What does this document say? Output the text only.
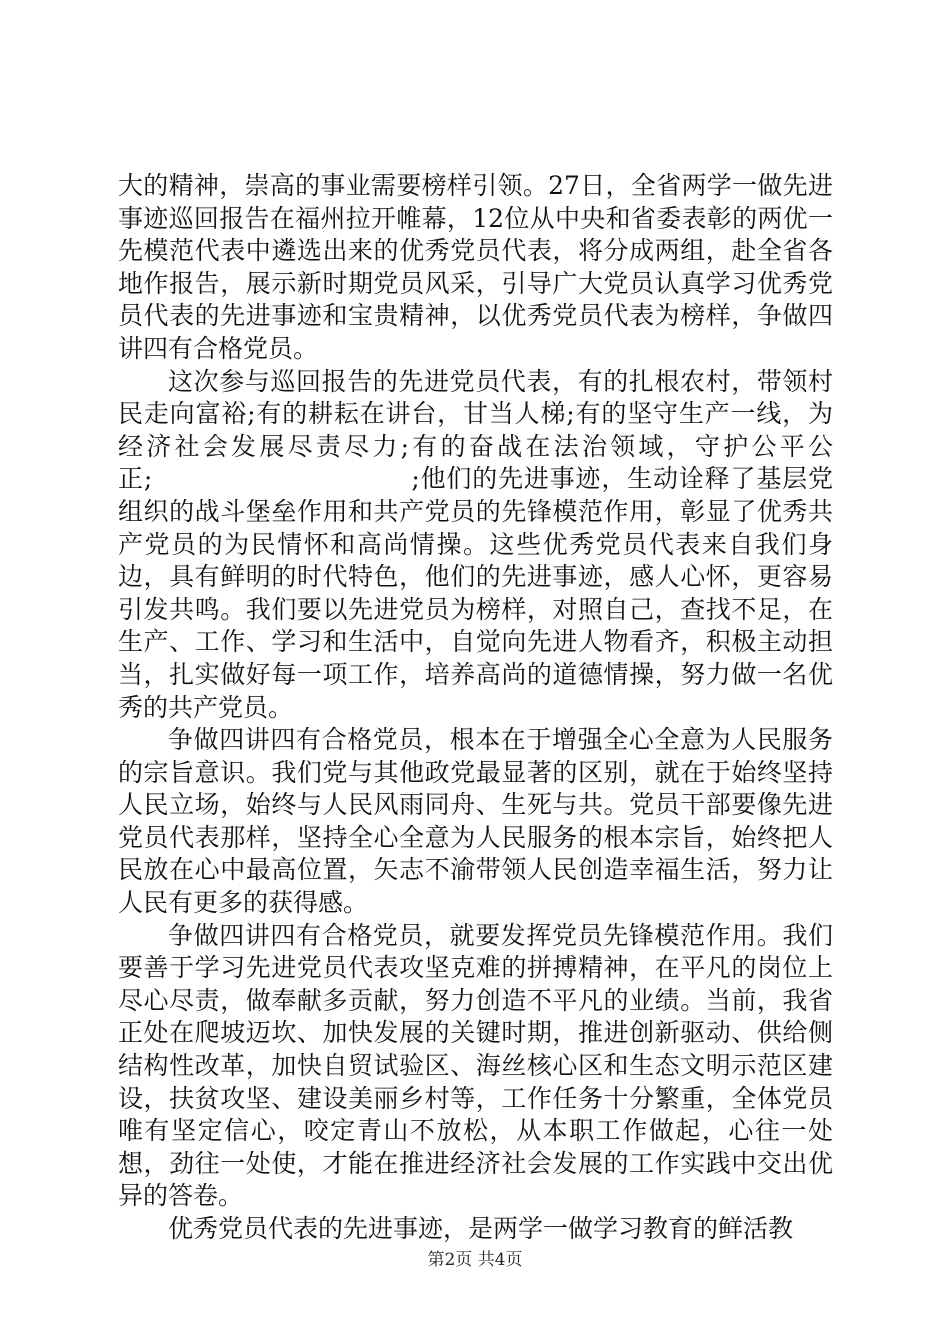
大的精神，崇高的事业需要榜样引领。27日，全省两学一做先进事迹巡回报告在福州拉开帷幕，12位从中央和省委表彰的两优一先模范代表中遴选出来的优秀党员代表，将分成两组，赴全省各地作报告，展示新时期党员风采，引导广大党员认真学习优秀党员代表的先进事迹和宝贵精神，以优秀党员代表为榜样，争做四讲四有合格党员。

这次参与巡回报告的先进党员代表，有的扎根农村，带领村民走向富裕;有的耕耘在讲台，甘当人梯;有的坚守生产一线，为经济社会发展尽责尽力;有的奋战在法治领域，守护公平公正;　　　　　　　　　　;他们的先进事迹，生动诠释了基层党组织的战斗堡垒作用和共产党员的先锋模范作用，彰显了优秀共产党员的为民情怀和高尚情操。这些优秀党员代表来自我们身边，具有鲜明的时代特色，他们的先进事迹，感人心怀，更容易引发共鸣。我们要以先进党员为榜样，对照自己，查找不足，在生产、工作、学习和生活中，自觉向先进人物看齐，积极主动担当，扎实做好每一项工作，培养高尚的道德情操，努力做一名优秀的共产党员。

争做四讲四有合格党员，根本在于增强全心全意为人民服务的宗旨意识。我们党与其他政党最显著的区别，就在于始终坚持人民立场，始终与人民风雨同舟、生死与共。党员干部要像先进党员代表那样，坚持全心全意为人民服务的根本宗旨，始终把人民放在心中最高位置，矢志不渝带领人民创造幸福生活，努力让人民有更多的获得感。

争做四讲四有合格党员，就要发挥党员先锋模范作用。我们要善于学习先进党员代表攻坚克难的拼搏精神，在平凡的岗位上尽心尽责，做奉献多贡献，努力创造不平凡的业绩。当前，我省正处在爬坡迈坎、加快发展的关键时期，推进创新驱动、供给侧结构性改革，加快自贸试验区、海丝核心区和生态文明示范区建设，扶贫攻坚、建设美丽乡村等，工作任务十分繁重，全体党员唯有坚定信心，咬定青山不放松，从本职工作做起，心往一处想，劲往一处使，才能在推进经济社会发展的工作实践中交出优异的答卷。

优秀党员代表的先进事迹，是两学一做学习教育的鲜活教

第2页 共4页
